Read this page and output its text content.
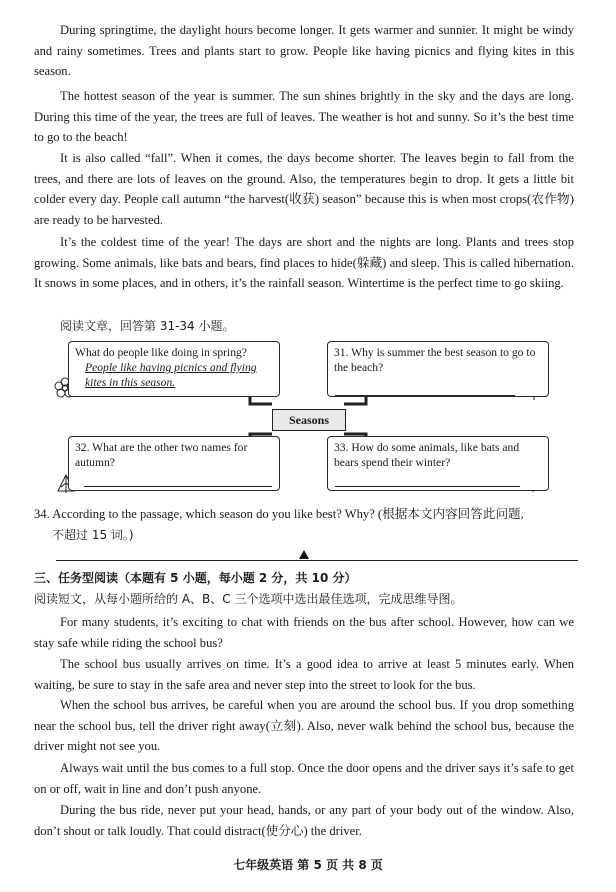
During springtime, the daylight hours become longer. It gets warmer and sunnier. It might be windy and rainy sometimes. Trees and plants start to grow. People like having picnics and flying kites in this season.

The hottest season of the year is summer. The sun shines brightly in the sky and the days are long. During this time of the year, the trees are full of leaves. The weather is hot and sunny. So it’s the best time to go to the beach!

It is also called “fall”. When it comes, the days become shorter. The leaves begin to fall from the trees, and there are lots of leaves on the ground. Also, the temperatures begin to drop. It gets a little bit colder every day. People call autumn “the harvest(收获) season” because this is when most crops(农作物) are ready to be harvested.

It’s the coldest time of the year! The days are short and the nights are long. Plants and trees stop growing. Some animals, like bats and bears, find places to hide(躲藏) and sleep. This is called hibernation. It snows in some places, and in others, it’s the rainfall season. Wintertime is the perfect time to go skiing.

阅读文章，回答第 31-34 小题。

What do people like doing in spring?

People like having picnics and flying

kites in this season.

31. Why is summer the best season to go to the beach?

Seasons

32. What are the other two names for autumn?

33. How do some animals, like bats and bears spend their winter?

34. According to the passage, which season do you like best? Why? (根据本文内容回答此问题,

不超过 15 词。)

三、任务型阅读（本题有 5 小题，每小题 2 分，共 10 分）

阅读短文，从每小题所给的 A、B、C 三个选项中选出最佳选项，完成思维导图。

For many students, it’s exciting to chat with friends on the bus after school. However, how can we stay safe while riding the school bus?

The school bus usually arrives on time. It’s a good idea to arrive at least 5 minutes early. When waiting, be sure to stay in the safe area and never step into the street to look for the bus.

When the school bus arrives, be careful when you are around the school bus. If you drop something near the school bus, tell the driver right away(立刻). Also, never walk behind the school bus, because the driver might not see you.

Always wait until the bus comes to a full stop. Once the door opens and the driver says it’s safe to get on or off, wait in line and don’t push anyone.

During the bus ride, never put your head, hands, or any part of your body out of the window. Also, don’t shout or talk loudly. That could distract(使分心) the driver.

七年级英语 第 5 页 共 8 页
